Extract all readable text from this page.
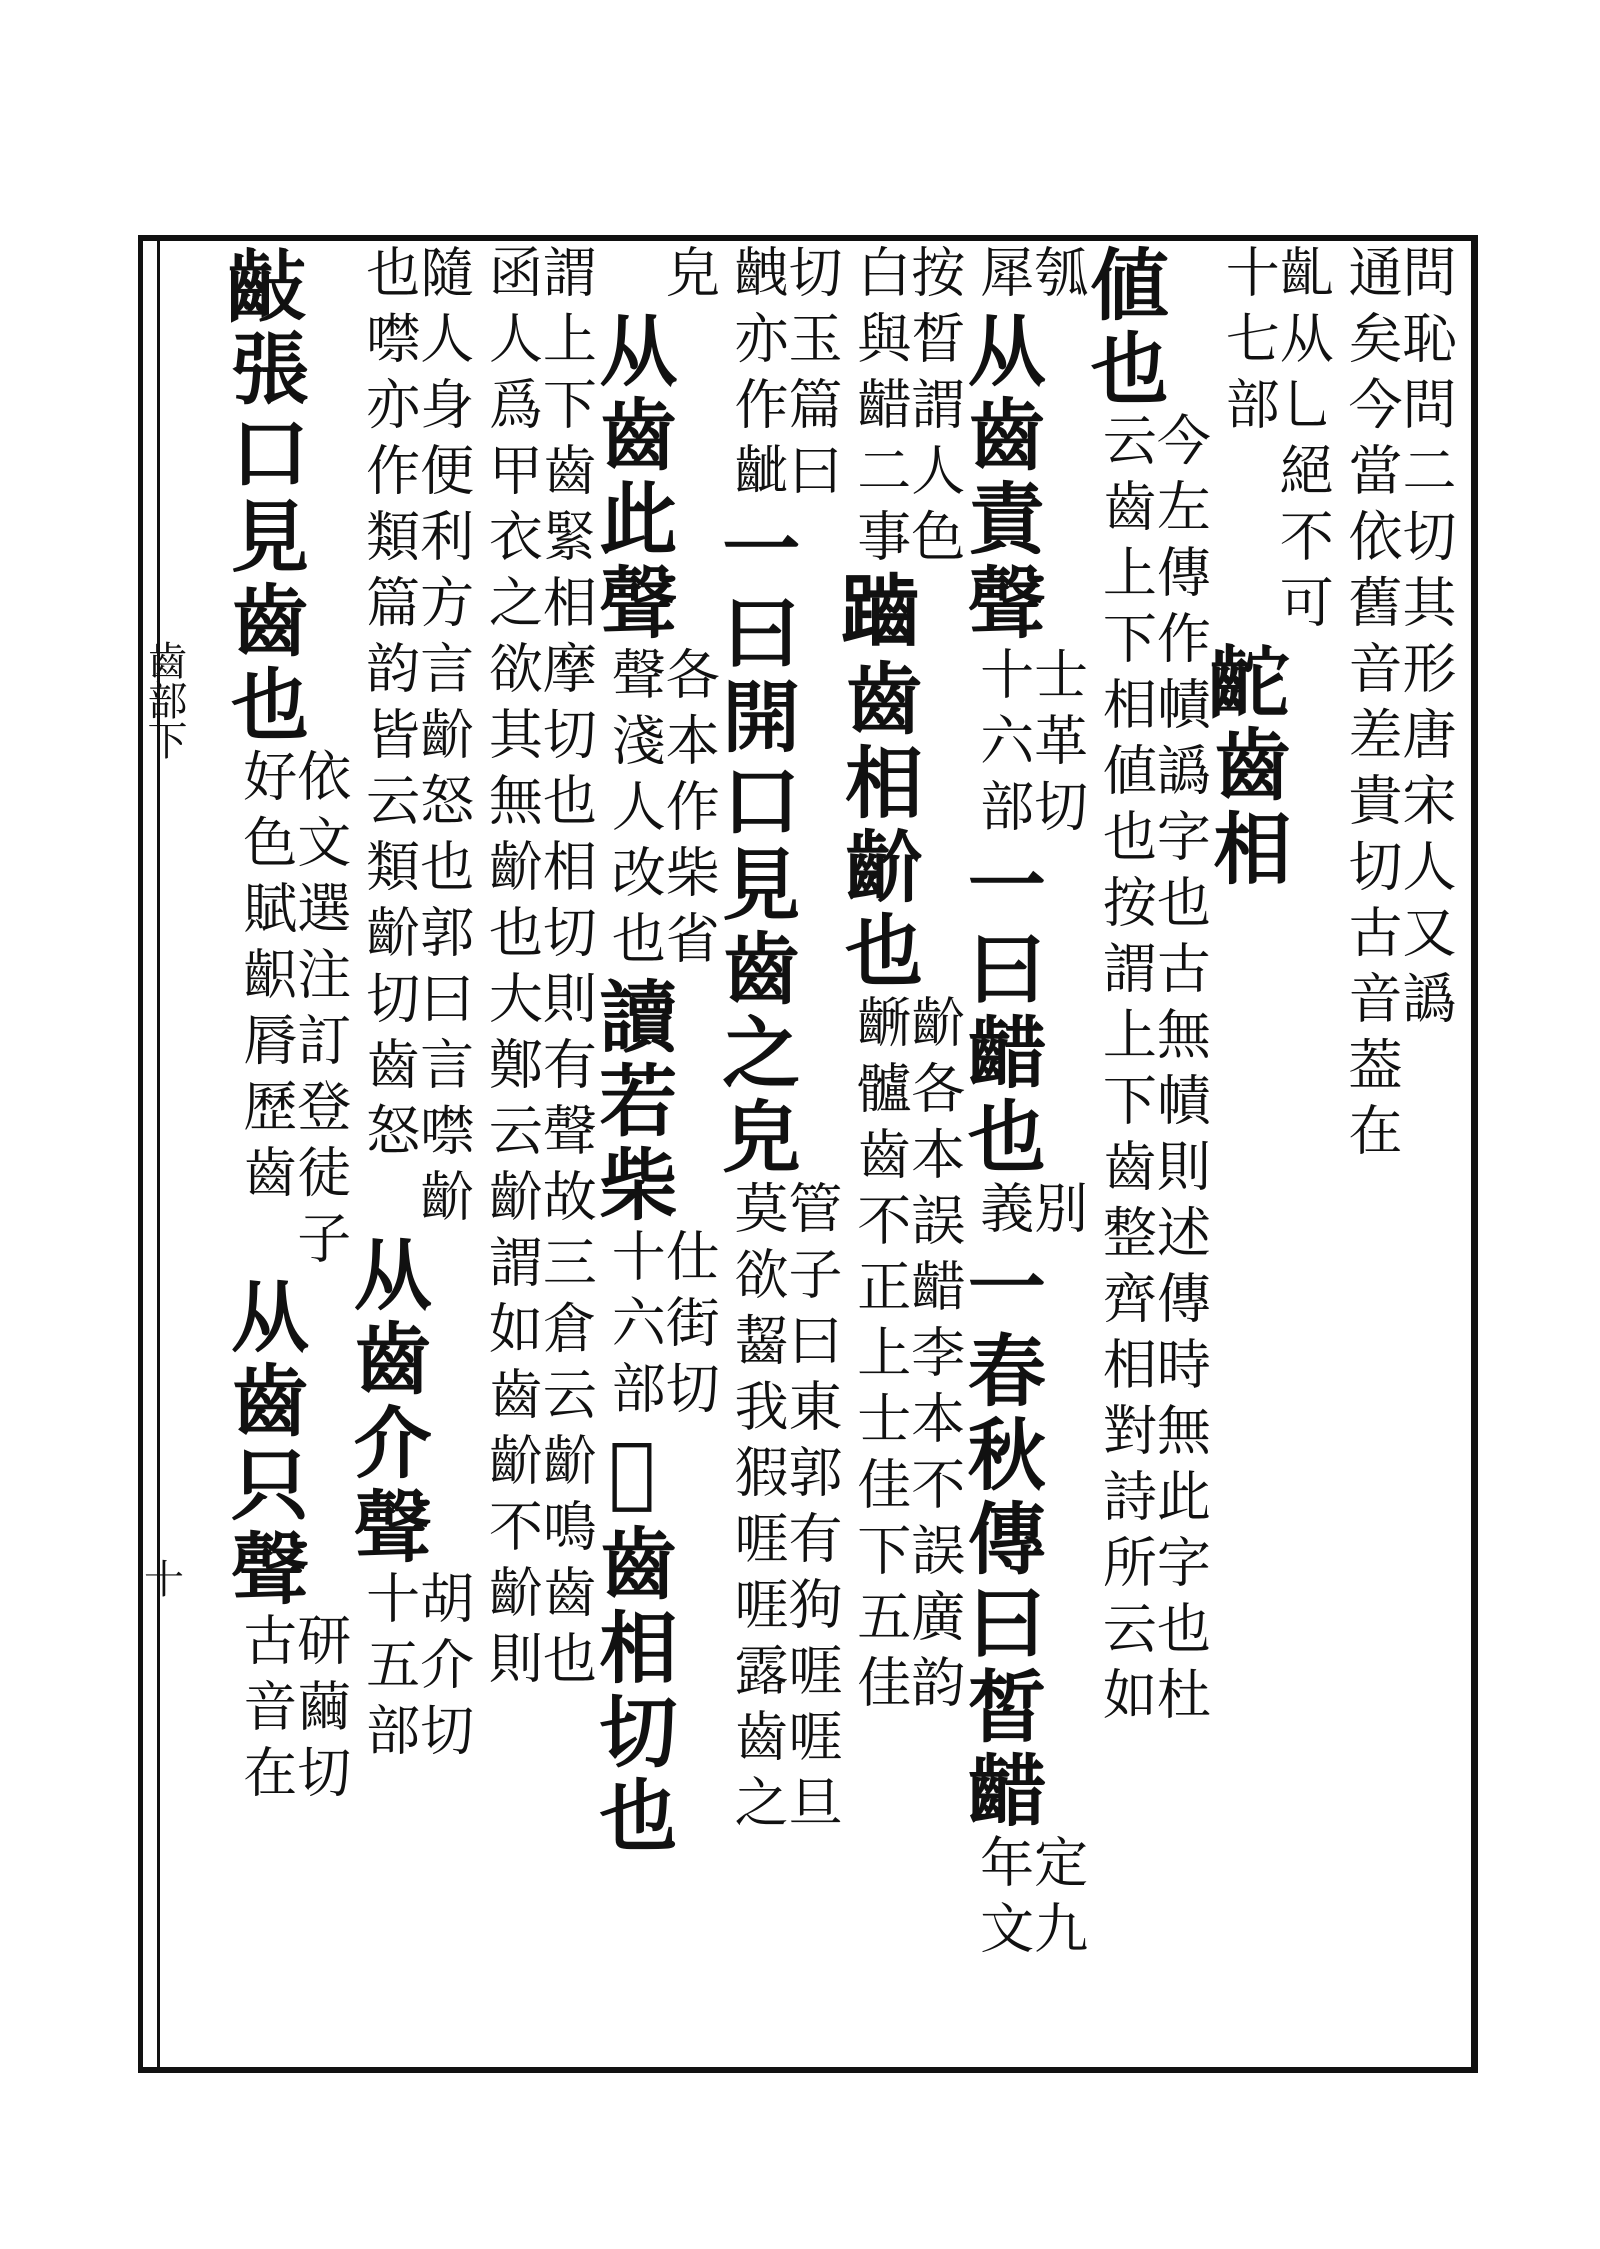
齒部下
十
問恥問二切其形唐宋人又譌
通矣今當依舊音差貴切古音葢在
齓从乚絕不可
十七部
𪗩
齒相
値也
今左傳作幘譌字也古無幘則述傳時無此字也杜
云齒上下相値也按謂上下齒整齊相對詩所云如
瓠
犀
从齒責聲
士革切
十六部
一曰齰也
別
義
一春秋傳曰皙齰
定九
年文
按晳謂人色
白與齰二事
𪘏
齒相齘也
齘各本誤齰李本不誤廣韵
齭髗齒不正上士佳下五佳
切玉篇曰
齥亦作齜
一曰開口見齒之皃
管子曰東郭有狗啀啀旦
莫欲齧我猳啀啀露齒之
皃
从齒此聲
各本作柴省
聲淺人改也
讀若柴
仕街切
十六部
𪗲
齒相切也
謂上下齒緊相摩切也相切則有聲故三倉云齘鳴齒也
函人爲甲衣之欲其無齘也大鄭云齘謂如齒齘不齘則
隨人身便利方言齘怒也郭曰言噤齘
也噤亦作類篇韵皆云類齘切齒怒
从齒介聲
胡介切
十五部
𪗡
張口見齒也
依文選注訂登徒子
好色賦齞脣歷齒
从齒只聲
研繭切
古音在
